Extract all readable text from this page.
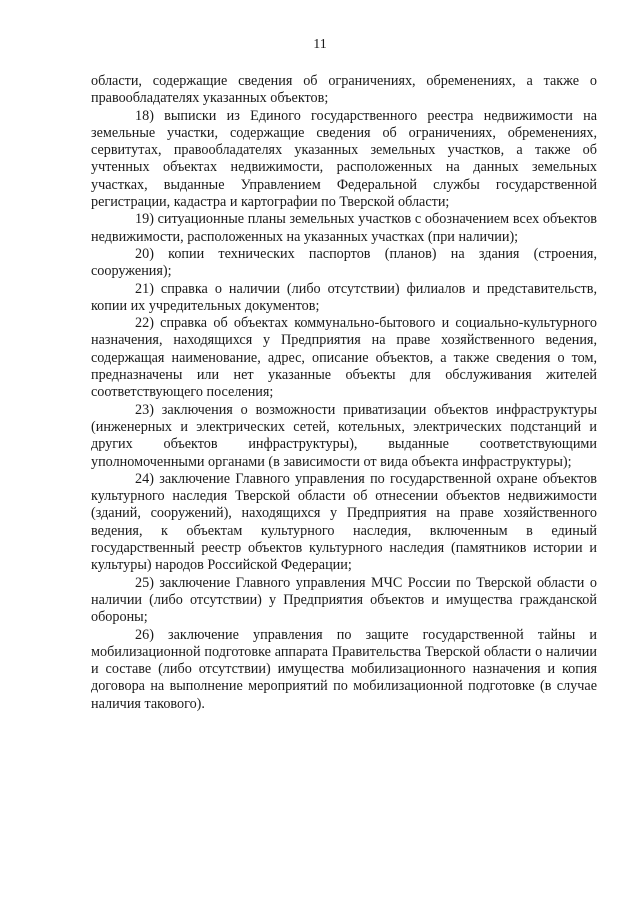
11

области, содержащие сведения об ограничениях, обременениях, а также о правообладателях указанных объектов;

18) выписки из Единого государственного реестра недвижимости на земельные участки, содержащие сведения об ограничениях, обременениях, сервитутах, правообладателях указанных земельных участков, а также об учтенных объектах недвижимости, расположенных на данных земельных участках, выданные Управлением Федеральной службы государственной регистрации, кадастра и картографии по Тверской области;

19) ситуационные планы земельных участков с обозначением всех объектов недвижимости, расположенных на указанных участках (при наличии);

20) копии технических паспортов (планов) на здания (строения, сооружения);

21) справка о наличии (либо отсутствии) филиалов и представительств, копии их учредительных документов;

22) справка об объектах коммунально-бытового и социально-культурного назначения, находящихся у Предприятия на праве хозяйственного ведения, содержащая наименование, адрес, описание объектов, а также сведения о том, предназначены или нет указанные объекты для обслуживания жителей соответствующего поселения;

23) заключения о возможности приватизации объектов инфраструктуры (инженерных и электрических сетей, котельных, электрических подстанций и других объектов инфраструктуры), выданные соответствующими уполномоченными органами (в зависимости от вида объекта инфраструктуры);

24) заключение Главного управления по государственной охране объектов культурного наследия Тверской области об отнесении объектов недвижимости (зданий, сооружений), находящихся у Предприятия на праве хозяйственного ведения, к объектам культурного наследия, включенным в единый государственный реестр объектов культурного наследия (памятников истории и культуры) народов Российской Федерации;

25) заключение Главного управления МЧС России по Тверской области о наличии (либо отсутствии) у Предприятия объектов и имущества гражданской обороны;

26) заключение управления по защите государственной тайны и мобилизационной подготовке аппарата Правительства Тверской области о наличии и составе (либо отсутствии) имущества мобилизационного назначения и копия договора на выполнение мероприятий по мобилизационной подготовке (в случае наличия такового).
